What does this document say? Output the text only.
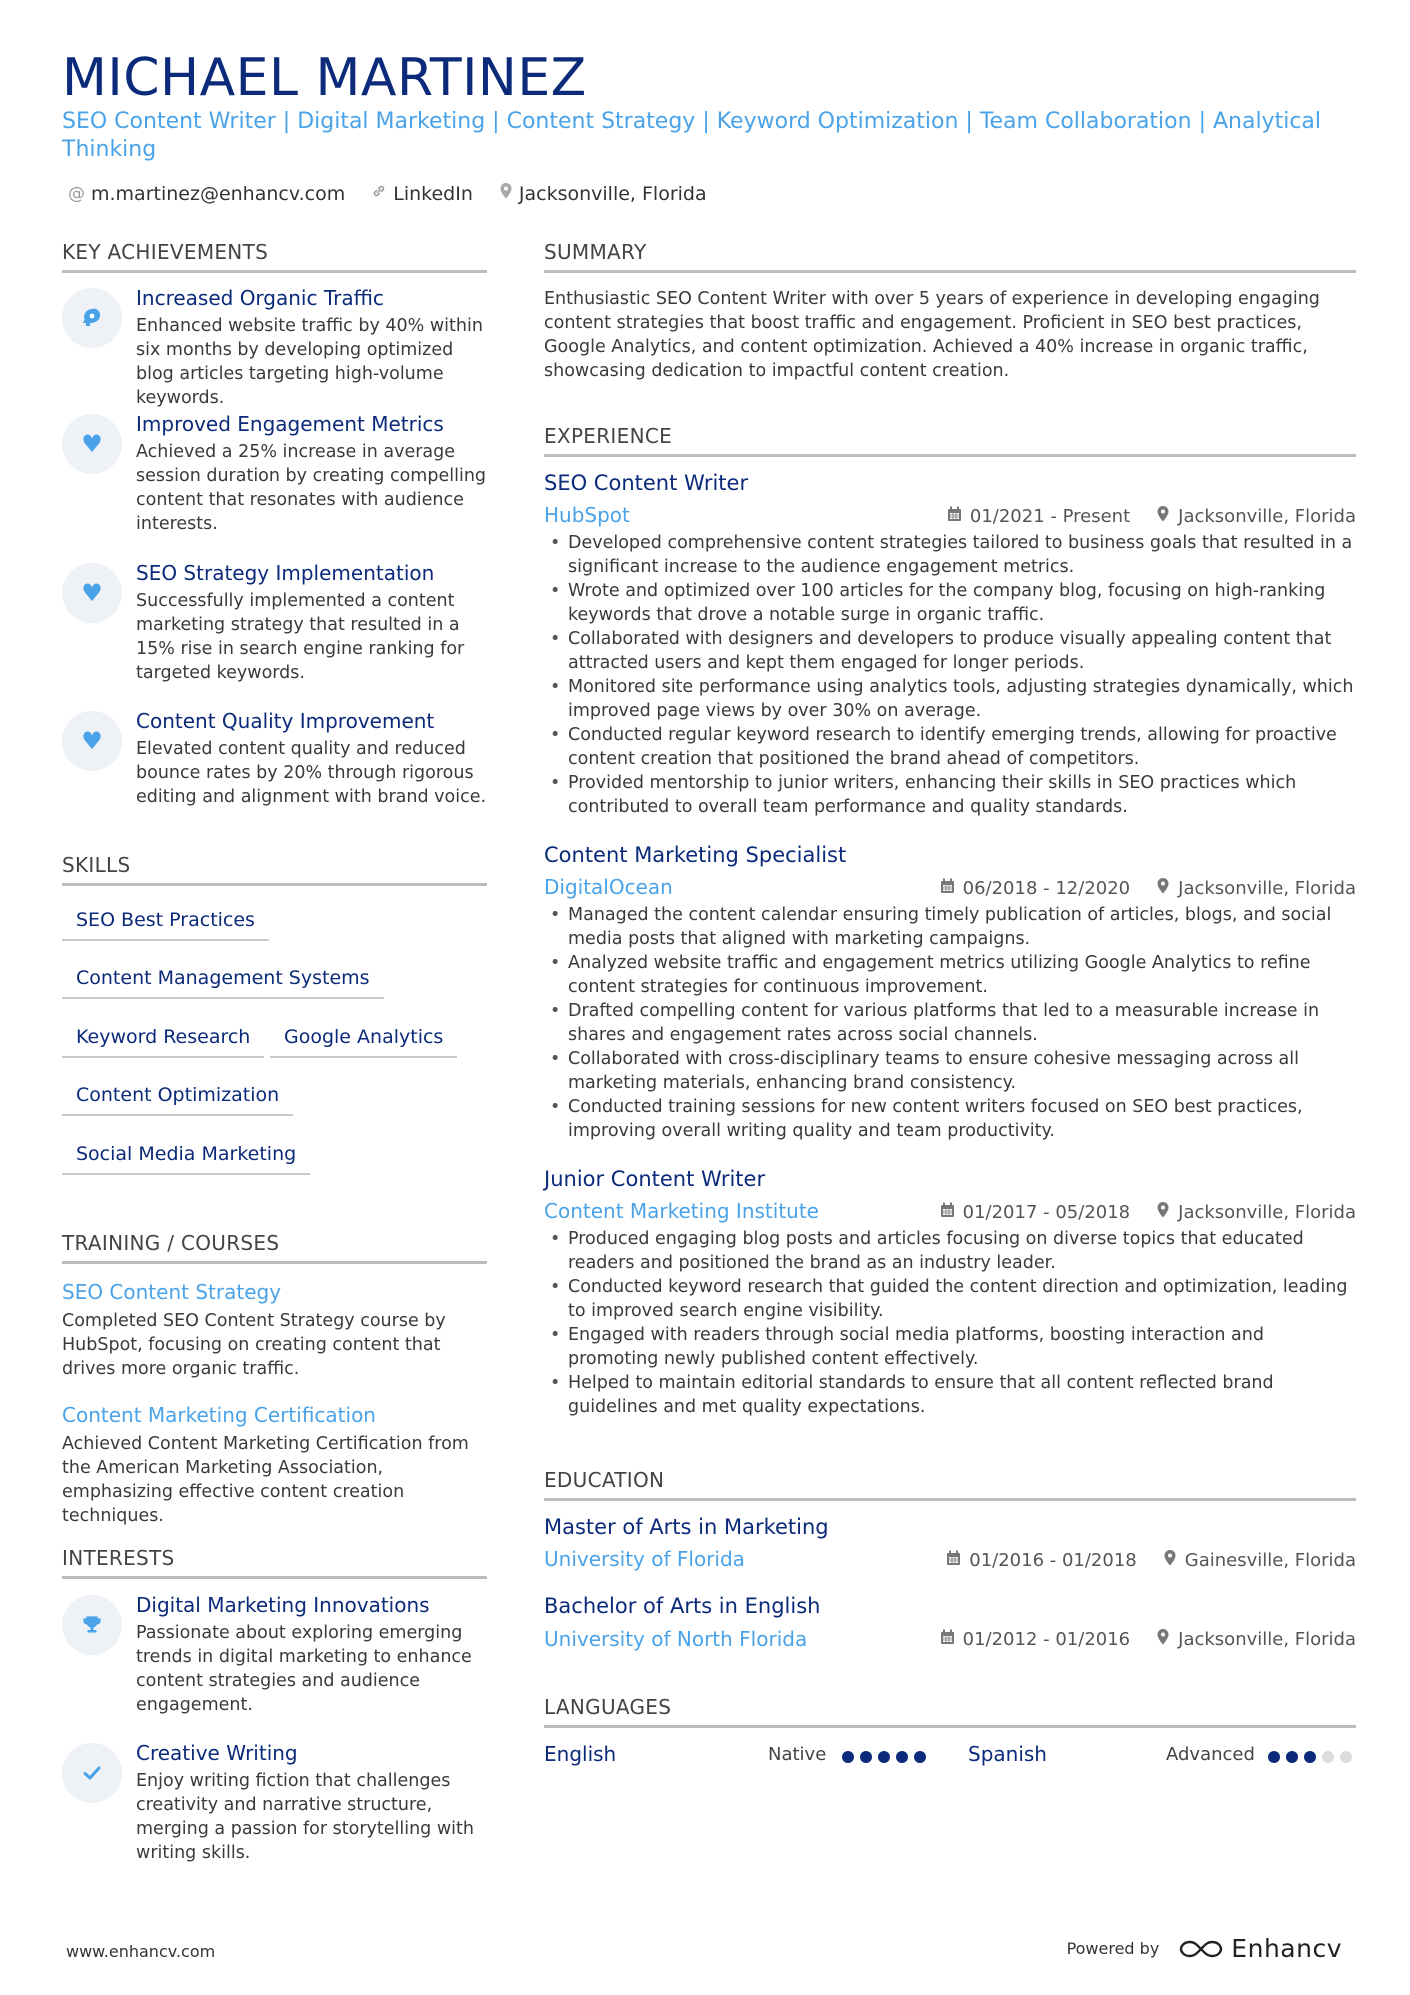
MICHAEL MARTINEZ
SEO Content Writer | Digital Marketing | Content Strategy | Keyword Optimization | Team Collaboration | Analytical Thinking
@ m.martinez@enhancv.com	LinkedIn Jacksonville, Florida
KEY ACHIEVEMENTS
Increased Organic Traffic
Enhanced website traffic by 40% within six months by developing optimized blog articles targeting high-volume keywords.
♥
Improved Engagement Metrics
Achieved a 25% increase in average session duration by creating compelling content that resonates with audience interests.
♥
SEO Strategy Implementation
Successfully implemented a content marketing strategy that resulted in a 15% rise in search engine ranking for targeted keywords.
♥
Content Quality Improvement
Elevated content quality and reduced bounce rates by 20% through rigorous editing and alignment with brand voice.
SKILLS
SEO Best Practices
Content Management Systems
Keyword Research	Google Analytics
Content Optimization
Social Media Marketing
TRAINING / COURSES
SEO Content Strategy
Completed SEO Content Strategy course by HubSpot, focusing on creating content that drives more organic traffic.
Content Marketing Certification
Achieved Content Marketing Certification from the American Marketing Association, emphasizing effective content creation techniques.
INTERESTS
Digital Marketing Innovations
Passionate about exploring emerging trends in digital marketing to enhance content strategies and audience engagement.
Creative Writing
Enjoy writing fiction that challenges creativity and narrative structure, merging a passion for storytelling with writing skills.
SUMMARY
Enthusiastic SEO Content Writer with over 5 years of experience in developing engaging content strategies that boost traffic and engagement. Proficient in SEO best practices, Google Analytics, and content optimization. Achieved a 40% increase in organic traffic, showcasing dedication to impactful content creation.
EXPERIENCE
SEO Content Writer
HubSpot	01/2021 - Present	Jacksonville, Florida
• Developed comprehensive content strategies tailored to business goals that resulted in a significant increase to the audience engagement metrics.
• Wrote and optimized over 100 articles for the company blog, focusing on high-ranking keywords that drove a notable surge in organic traffic.
• Collaborated with designers and developers to produce visually appealing content that attracted users and kept them engaged for longer periods.
• Monitored site performance using analytics tools, adjusting strategies dynamically, which improved page views by over 30% on average.
• Conducted regular keyword research to identify emerging trends, allowing for proactive content creation that positioned the brand ahead of competitors.
• Provided mentorship to junior writers, enhancing their skills in SEO practices which contributed to overall team performance and quality standards.
Content Marketing Specialist
DigitalOcean	06/2018 - 12/2020	Jacksonville, Florida
• Managed the content calendar ensuring timely publication of articles, blogs, and social media posts that aligned with marketing campaigns.
• Analyzed website traffic and engagement metrics utilizing Google Analytics to refine content strategies for continuous improvement.
• Drafted compelling content for various platforms that led to a measurable increase in shares and engagement rates across social channels.
• Collaborated with cross-disciplinary teams to ensure cohesive messaging across all marketing materials, enhancing brand consistency.
• Conducted training sessions for new content writers focused on SEO best practices, improving overall writing quality and team productivity.
Junior Content Writer
Content Marketing Institute	01/2017 - 05/2018	Jacksonville, Florida
• Produced engaging blog posts and articles focusing on diverse topics that educated readers and positioned the brand as an industry leader.
• Conducted keyword research that guided the content direction and optimization, leading to improved search engine visibility.
• Engaged with readers through social media platforms, boosting interaction and promoting newly published content effectively.
• Helped to maintain editorial standards to ensure that all content reflected brand guidelines and met quality expectations.
EDUCATION
Master of Arts in Marketing
University of Florida	01/2016 - 01/2018	Gainesville, Florida
Bachelor of Arts in English
University of North Florida	01/2012 - 01/2016	Jacksonville, Florida
LANGUAGES
English	Native	Spanish	Advanced
www.enhancv.com	Powered by	Enhancv
